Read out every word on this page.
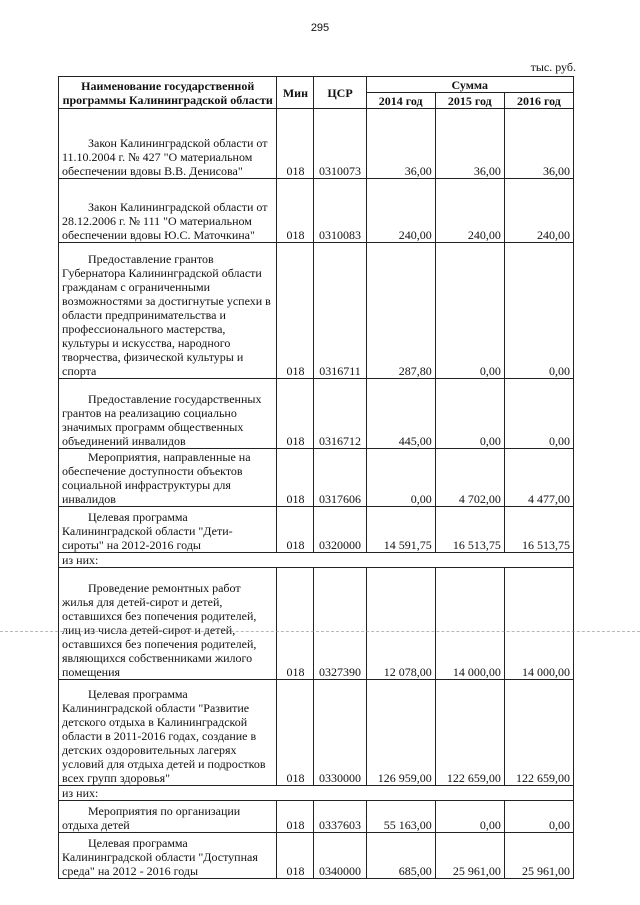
295
тыс. руб.
Наименование государственной программы Калининградской области	Мин	ЦСР	Сумма		
			2014 год	2015 год	2016 год

Закон Калининградской области от 11.10.2004 г. № 427 "О материальном обеспечении вдовы В.В. Денисова"	018	0310073	36,00	36,00	36,00

Закон Калининградской области от 28.12.2006 г. № 111 "О материальном обеспечении вдовы Ю.С. Маточкина"	018	0310083	240,00	240,00	240,00

Предоставление грантов Губернатора Калининградской области гражданам с ограниченными возможностями за достигнутые успехи в области предпринимательства и профессионального мастерства, культуры и искусства, народного творчества, физической культуры и спорта	018	0316711	287,80	0,00	0,00

Предоставление государственных грантов на реализацию социально значимых программ общественных объединений инвалидов	018	0316712	445,00	0,00	0,00

Мероприятия, направленные на обеспечение доступности объектов социальной инфраструктуры для инвалидов	018	0317606	0,00	4 702,00	4 477,00

Целевая программа Калининградской области "Дети-сироты" на 2012-2016 годы	018	0320000	14 591,75	16 513,75	16 513,75
из них:					

Проведение ремонтных работ жилья для детей-сирот и детей, оставшихся без попечения родителей, лиц из числа детей-сирот и детей, оставшихся без попечения родителей, являющихся собственниками жилого помещения	018	0327390	12 078,00	14 000,00	14 000,00

Целевая программа Калининградской области "Развитие детского отдыха в Калининградской области в 2011-2016 годах, создание в детских оздоровительных лагерях условий для отдыха детей и подростков всех групп здоровья"	018	0330000	126 959,00	122 659,00	122 659,00
из них:					

Мероприятия по организации отдыха детей	018	0337603	55 163,00	0,00	0,00

Целевая программа Калининградской области "Доступная среда" на 2012 - 2016 годы	018	0340000	685,00	25 961,00	25 961,00
